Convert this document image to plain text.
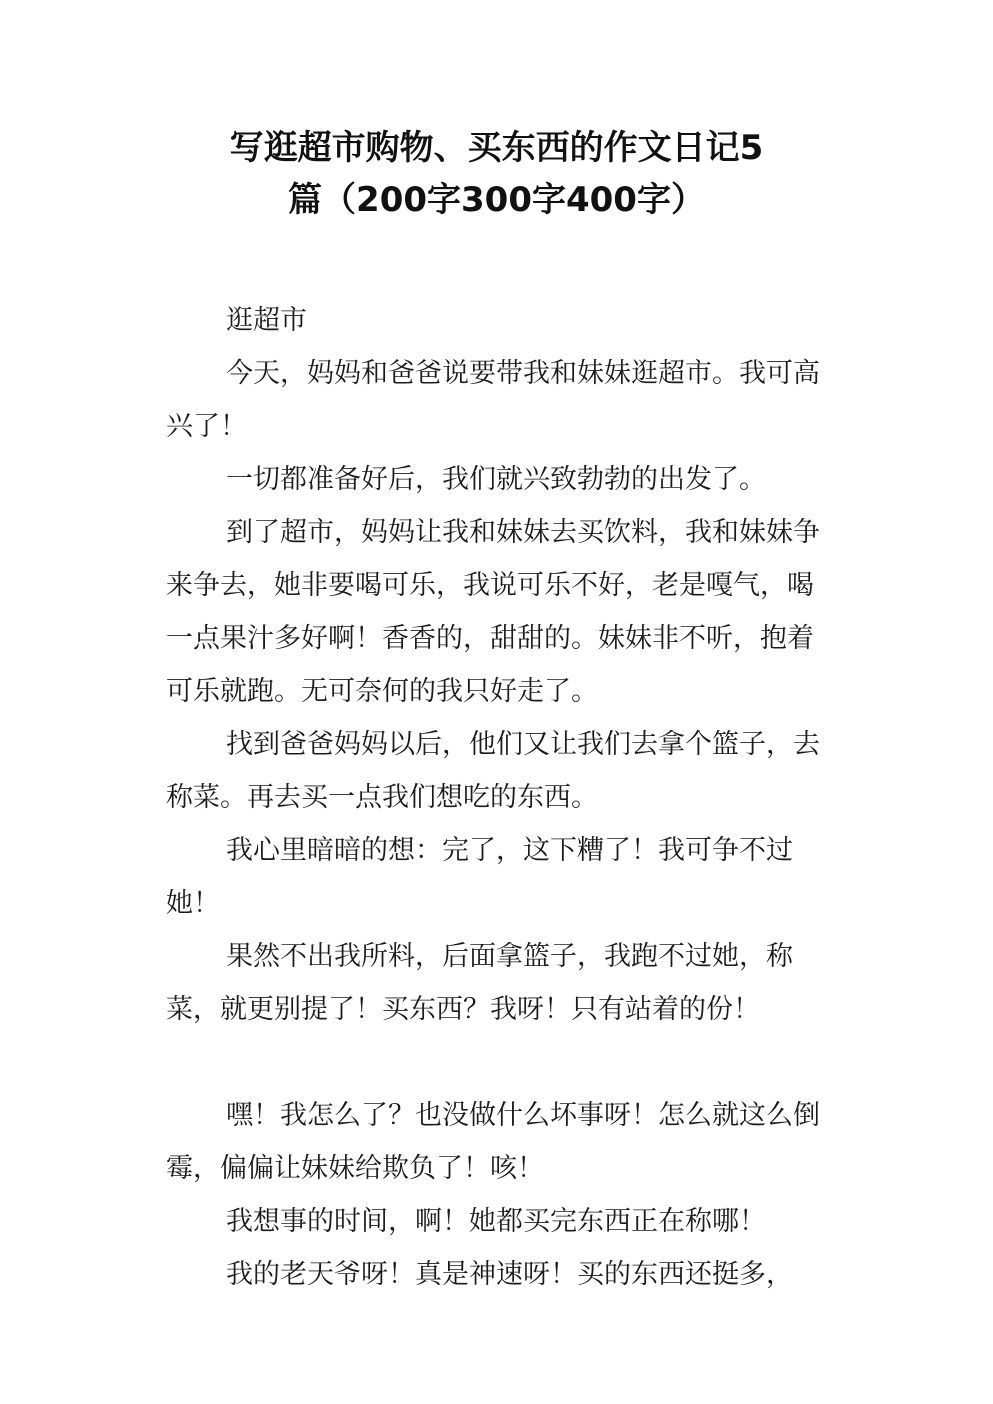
写逛超市购物、买东西的作文日记5
篇（200字300字400字）

逛超市

今天，妈妈和爸爸说要带我和妹妹逛超市。我可高兴了！

一切都准备好后，我们就兴致勃勃的出发了。

到了超市，妈妈让我和妹妹去买饮料，我和妹妹争来争去，她非要喝可乐，我说可乐不好，老是嘎气，喝一点果汁多好啊！香香的，甜甜的。妹妹非不听，抱着可乐就跑。无可奈何的我只好走了。

找到爸爸妈妈以后，他们又让我们去拿个篮子，去称菜。再去买一点我们想吃的东西。

我心里暗暗的想：完了，这下糟了！我可争不过她！

果然不出我所料，后面拿篮子，我跑不过她，称菜，就更别提了！买东西？我呀！只有站着的份！

嘿！我怎么了？也没做什么坏事呀！怎么就这么倒霉，偏偏让妹妹给欺负了！咳！

我想事的时间，啊！她都买完东西正在称哪！

我的老天爷呀！真是神速呀！买的东西还挺多，
